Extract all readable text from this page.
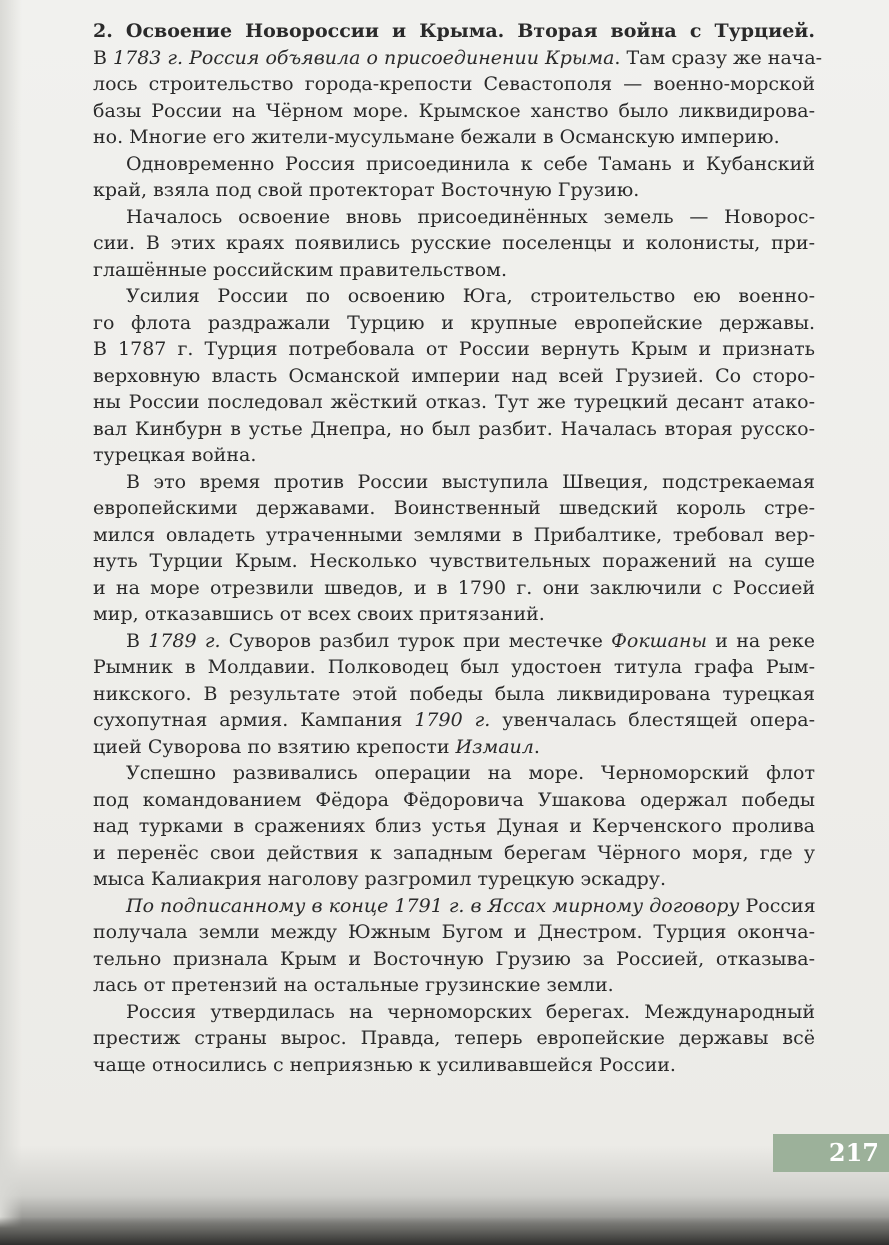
2. Освоение Новороссии и Крыма. Вторая война с Турцией.
В 1783 г. Россия объявила о присоединении Крыма. Там сразу же нача-
лось строительство города-крепости Севастополя — военно-морской
базы России на Чёрном море. Крымское ханство было ликвидирова-
но. Многие его жители-мусульмане бежали в Османскую империю.
Одновременно Россия присоединила к себе Тамань и Кубанский
край, взяла под свой протекторат Восточную Грузию.
Началось освоение вновь присоединённых земель — Новорос-
сии. В этих краях появились русские поселенцы и колонисты, при-
глашённые российским правительством.
Усилия России по освоению Юга, строительство ею военно-
го флота раздражали Турцию и крупные европейские державы.
В 1787 г. Турция потребовала от России вернуть Крым и признать
верховную власть Османской империи над всей Грузией. Со сторо-
ны России последовал жёсткий отказ. Тут же турецкий десант атако-
вал Кинбурн в устье Днепра, но был разбит. Началась вторая русско-
турецкая война.
В это время против России выступила Швеция, подстрекаемая
европейскими державами. Воинственный шведский король стре-
мился овладеть утраченными землями в Прибалтике, требовал вер-
нуть Турции Крым. Несколько чувствительных поражений на суше
и на море отрезвили шведов, и в 1790 г. они заключили с Россией
мир, отказавшись от всех своих притязаний.
В 1789 г. Суворов разбил турок при местечке Фокшаны и на реке
Рымник в Молдавии. Полководец был удостоен титула графа Рым-
никского. В результате этой победы была ликвидирована турецкая
сухопутная армия. Кампания 1790 г. увенчалась блестящей опера-
цией Суворова по взятию крепости Измаил.
Успешно развивались операции на море. Черноморский флот
под командованием Фёдора Фёдоровича Ушакова одержал победы
над турками в сражениях близ устья Дуная и Керченского пролива
и перенёс свои действия к западным берегам Чёрного моря, где у
мыса Калиакрия наголову разгромил турецкую эскадру.
По подписанному в конце 1791 г. в Яссах мирному договору Россия
получала земли между Южным Бугом и Днестром. Турция оконча-
тельно признала Крым и Восточную Грузию за Россией, отказыва-
лась от претензий на остальные грузинские земли.
Россия утвердилась на черноморских берегах. Международный
престиж страны вырос. Правда, теперь европейские державы всё
чаще относились с неприязнью к усиливавшейся России.
217
